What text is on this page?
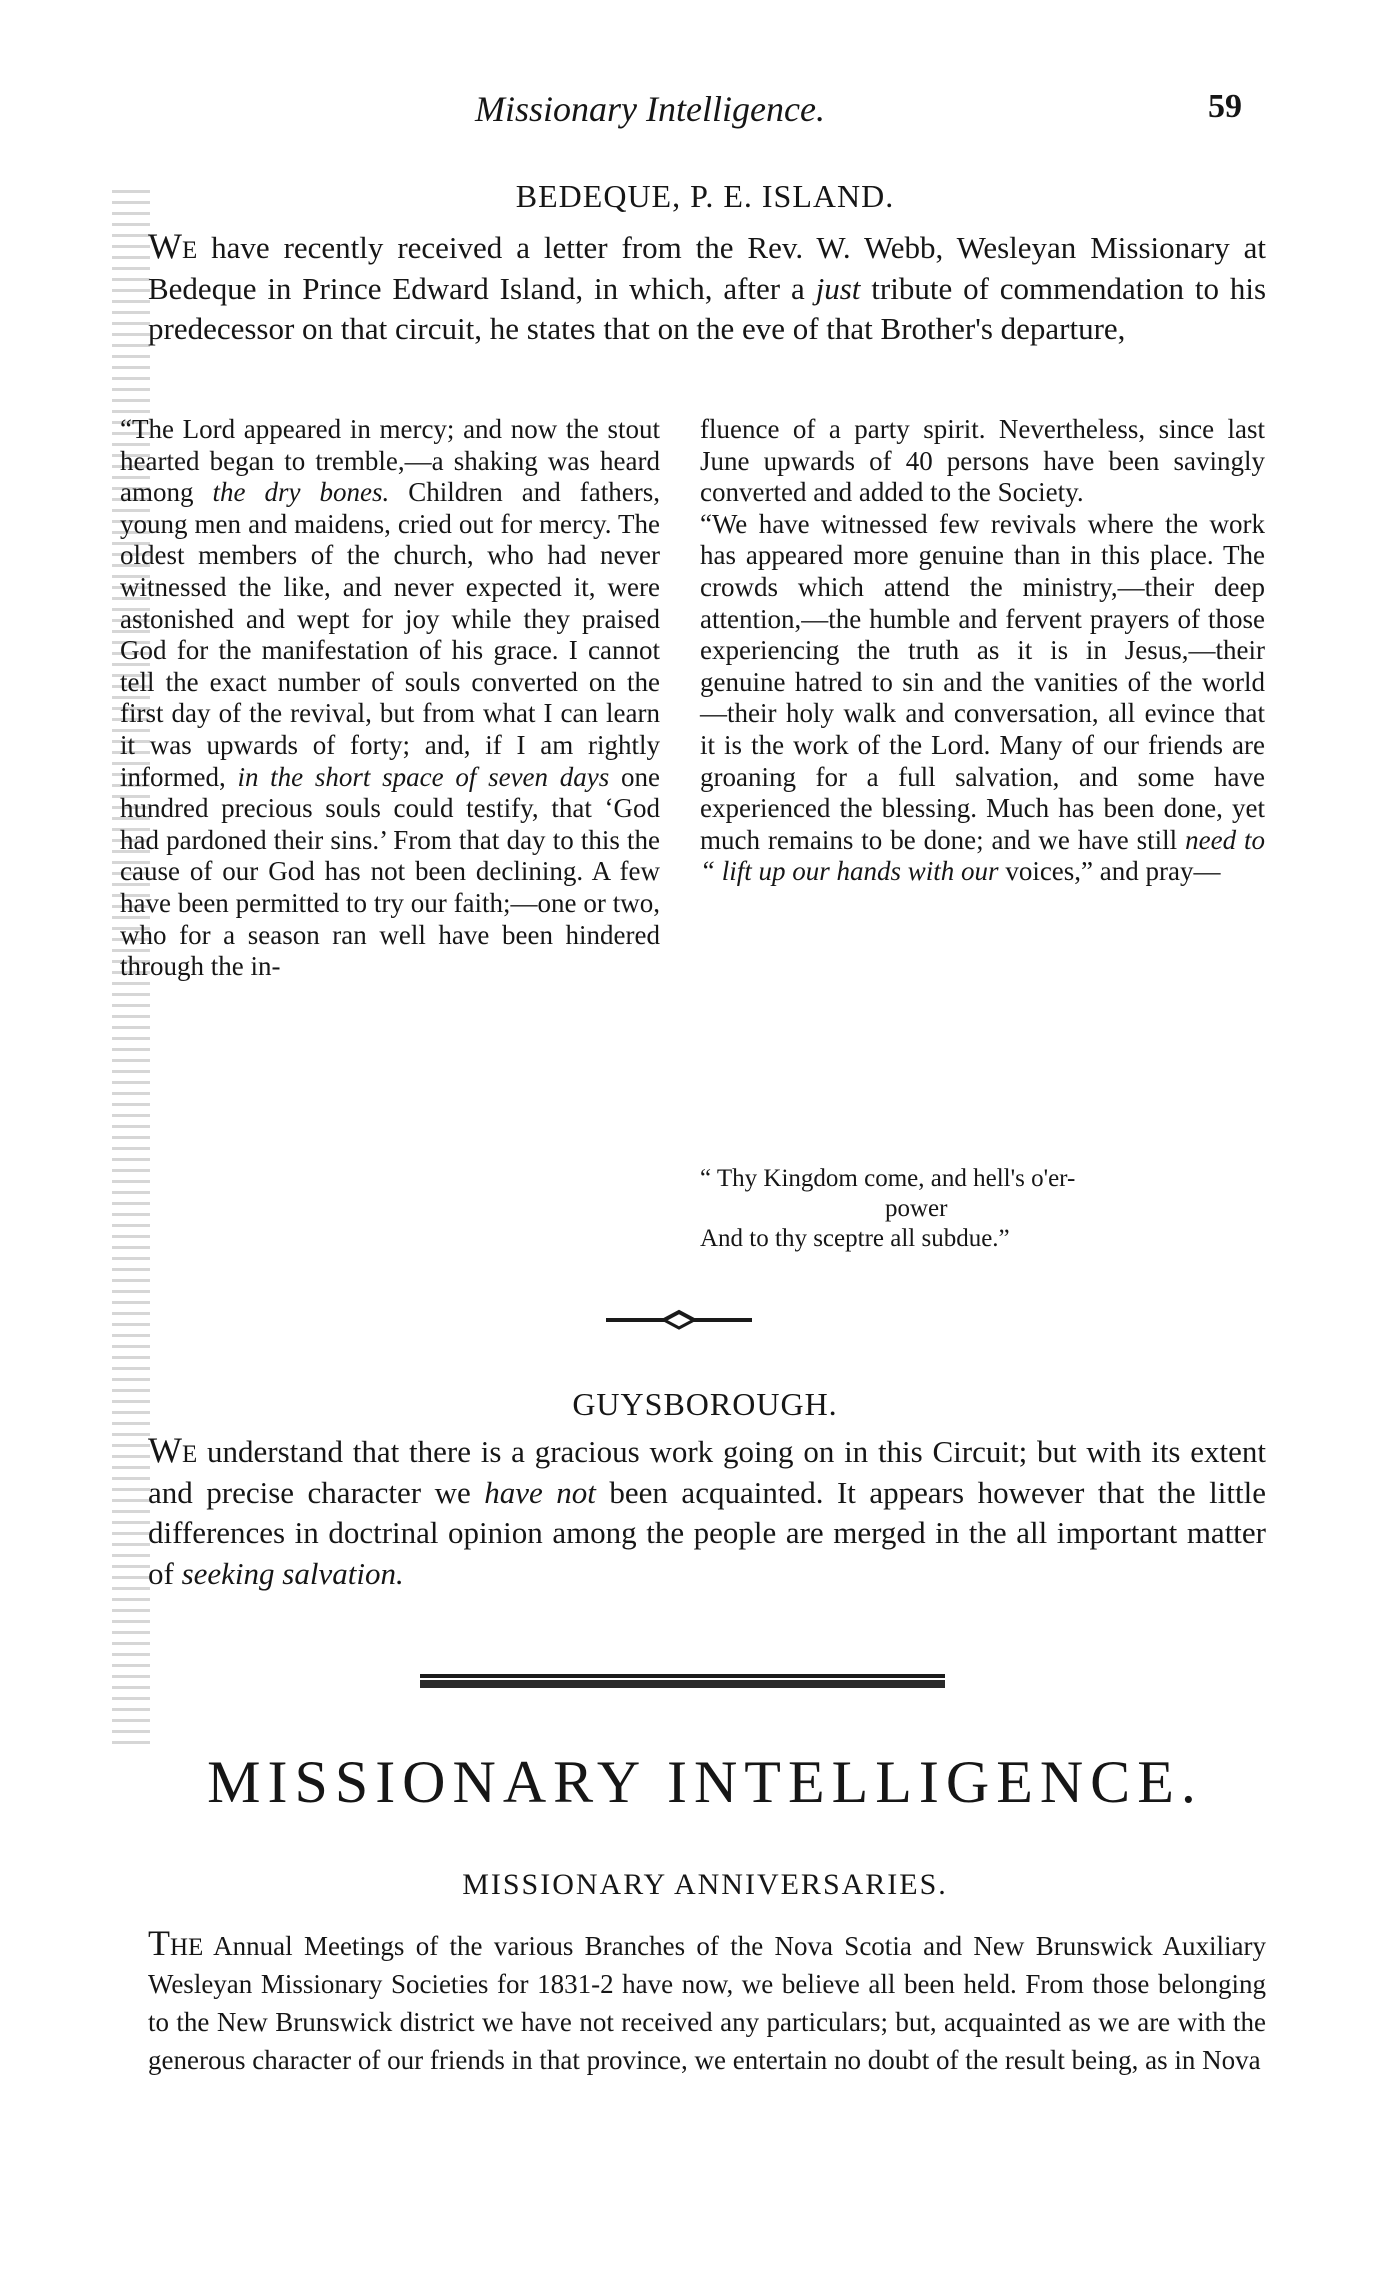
Missionary Intelligence.	59
BEDEQUE, P. E. ISLAND.

We have recently received a letter from the Rev. W. Webb, Wesleyan Missionary at Bedeque in Prince Edward Island, in which, after a just tribute of commendation to his predecessor on that circuit, he states that on the eve of that Brother's departure,

“The Lord appeared in mercy; and now the stout hearted began to tremble,—a shaking was heard among the dry bones. Children and fathers, young men and maidens, cried out for mercy. The oldest members of the church, who had never witnessed the like, and never expected it, were astonished and wept for joy while they praised God for the manifestation of his grace. I cannot tell the exact number of souls converted on the first day of the revival, but from what I can learn it was upwards of forty; and, if I am rightly informed, in the short space of seven days one hundred precious souls could testify, that ‘God had pardoned their sins.’ From that day to this the cause of our God has not been declining. A few have been permitted to try our faith;—one or two, who for a season ran well have been hindered through the in-

fluence of a party spirit. Nevertheless, since last June upwards of 40 persons have been savingly converted and added to the Society.
“We have witnessed few revivals where the work has appeared more genuine than in this place. The crowds which attend the ministry,—their deep attention,—the humble and fervent prayers of those experiencing the truth as it is in Jesus,—their genuine hatred to sin and the vanities of the world—their holy walk and conversation, all evince that it is the work of the Lord. Many of our friends are groaning for a full salvation, and some have experienced the blessing. Much has been done, yet much remains to be done; and we have still need to “ lift up our hands with our voices,” and pray—

“ Thy Kingdom come, and hell's o'er-
power
And to thy sceptre all subdue.”

GUYSBOROUGH.

We understand that there is a gracious work going on in this Circuit; but with its extent and precise character we have not been acquainted. It appears however that the little differences in doctrinal opinion among the people are merged in the all important matter of seeking salvation.

MISSIONARY INTELLIGENCE.
MISSIONARY ANNIVERSARIES.

The Annual Meetings of the various Branches of the Nova Scotia and New Brunswick Auxiliary Wesleyan Missionary Societies for 1831-2 have now, we believe all been held. From those belonging to the New Brunswick district we have not received any particulars; but, acquainted as we are with the generous character of our friends in that province, we entertain no doubt of the result being, as in Nova
